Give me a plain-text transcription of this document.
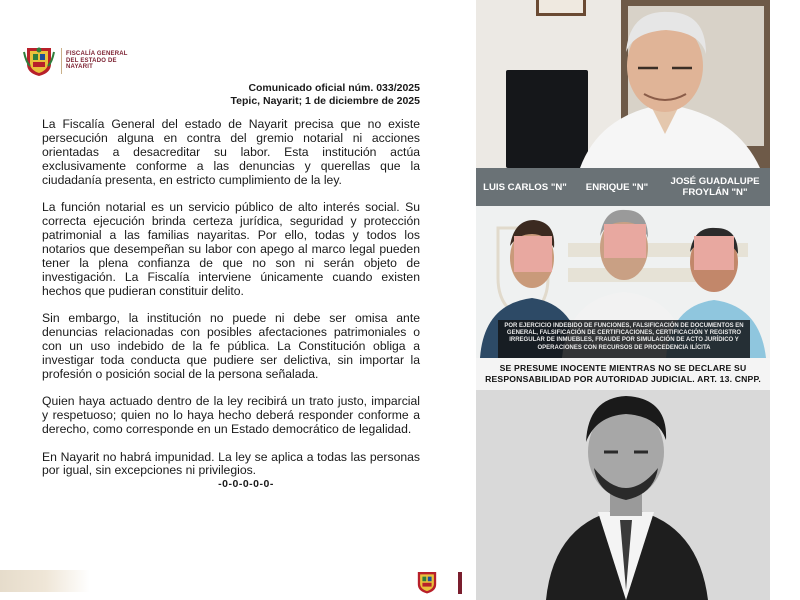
FISCALÍA GENERAL
DEL ESTADO DE
NAYARIT
Comunicado oficial núm. 033/2025
Tepic, Nayarit; 1 de diciembre de 2025

La Fiscalía General del estado de Nayarit precisa que no existe persecución alguna en contra del gremio notarial ni acciones orientadas a desacreditar su labor. Esta institución actúa exclusivamente conforme a las denuncias y querellas que la ciudadanía presenta, en estricto cumplimiento de la ley.

La función notarial es un servicio público de alto interés social. Su correcta ejecución brinda certeza jurídica, seguridad y protección patrimonial a las familias nayaritas. Por ello, todas y todos los notarios que desempeñan su labor con apego al marco legal pueden tener la plena confianza de que no son ni serán objeto de investigación. La Fiscalía interviene únicamente cuando existen hechos que pudieran constituir delito.

Sin embargo, la institución no puede ni debe ser omisa ante denuncias relacionadas con posibles afectaciones patrimoniales o con un uso indebido de la fe pública. La Constitución obliga a investigar toda conducta que pudiere ser delictiva, sin importar la profesión o posición social de la persona señalada.

Quien haya actuado dentro de la ley recibirá un trato justo, imparcial y respetuoso; quien no lo haya hecho deberá responder conforme a derecho, como corresponde en un Estado democrático de legalidad.

En Nayarit no habrá impunidad. La ley se aplica a todas las personas por igual, sin excepciones ni privilegios.

-0-0-0-0-0-
LUIS CARLOS "N"	ENRIQUE "N"	JOSÉ GUADALUPE FROYLÁN "N"
POR EJERCICIO INDEBIDO DE FUNCIONES, FALSIFICACIÓN DE DOCUMENTOS EN GENERAL, FALSIFICACIÓN DE CERTIFICACIONES, CERTIFICACIÓN Y REGISTRO IRREGULAR DE INMUEBLES, FRAUDE POR SIMULACIÓN DE ACTO JURÍDICO Y OPERACIONES CON RECURSOS DE PROCEDENCIA ILÍCITA
SE PRESUME INOCENTE MIENTRAS NO SE DECLARE SU RESPONSABILIDAD POR AUTORIDAD JUDICIAL. ART. 13. CNPP.
